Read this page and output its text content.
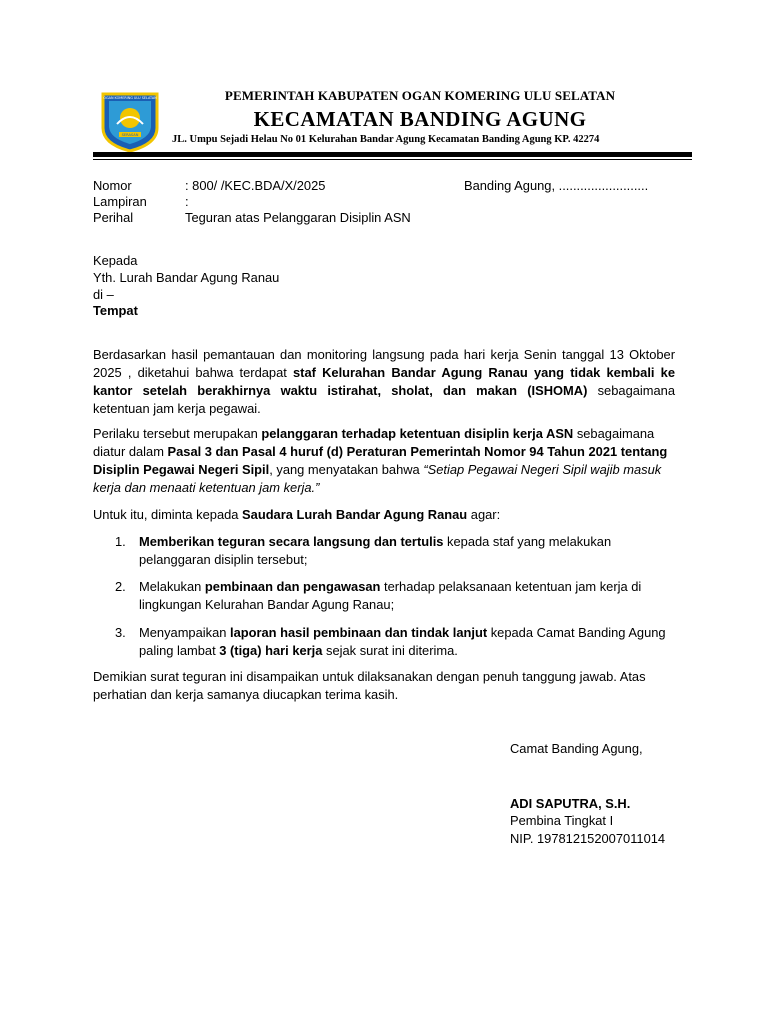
OGAN KOMERING ULU SELATAN
SERASAN
PEMERINTAH KABUPATEN OGAN KOMERING ULU SELATAN
KECAMATAN BANDING AGUNG
JL. Umpu Sejadi Helau No 01 Kelurahan Bandar Agung Kecamatan Banding Agung KP. 42274
Nomor	: 800/ /KEC.BDA/X/2025	Banding Agung, .........................
Lampiran	:
Perihal	Teguran atas Pelanggaran Disiplin ASN
Kepada
Yth. Lurah Bandar Agung Ranau
di –
Tempat
Berdasarkan hasil pemantauan dan monitoring langsung pada hari kerja Senin tanggal 13 Oktober 2025 , diketahui bahwa terdapat staf Kelurahan Bandar Agung Ranau yang tidak kembali ke kantor setelah berakhirnya waktu istirahat, sholat, dan makan (ISHOMA) sebagaimana ketentuan jam kerja pegawai.
Perilaku tersebut merupakan pelanggaran terhadap ketentuan disiplin kerja ASN sebagaimana diatur dalam Pasal 3 dan Pasal 4 huruf (d) Peraturan Pemerintah Nomor 94 Tahun 2021 tentang Disiplin Pegawai Negeri Sipil, yang menyatakan bahwa “Setiap Pegawai Negeri Sipil wajib masuk kerja dan menaati ketentuan jam kerja.”
Untuk itu, diminta kepada Saudara Lurah Bandar Agung Ranau agar:
1. Memberikan teguran secara langsung dan tertulis kepada staf yang melakukan pelanggaran disiplin tersebut;
2. Melakukan pembinaan dan pengawasan terhadap pelaksanaan ketentuan jam kerja di lingkungan Kelurahan Bandar Agung Ranau;
3. Menyampaikan laporan hasil pembinaan dan tindak lanjut kepada Camat Banding Agung paling lambat 3 (tiga) hari kerja sejak surat ini diterima.
Demikian surat teguran ini disampaikan untuk dilaksanakan dengan penuh tanggung jawab. Atas perhatian dan kerja samanya diucapkan terima kasih.
Camat Banding Agung,
ADI SAPUTRA, S.H.
Pembina Tingkat I
NIP. 197812152007011014
